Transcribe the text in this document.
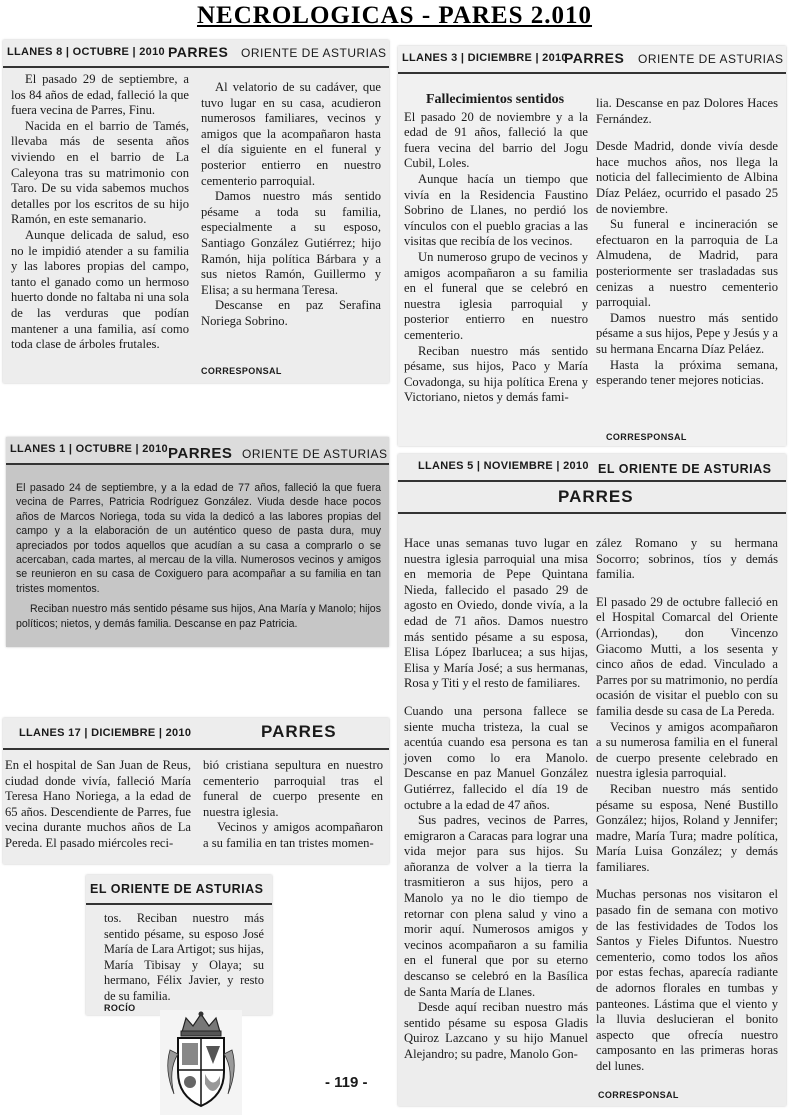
NECROLOGICAS - PARES 2.010
LLANES 8 | OCTUBRE | 2010 PARRES ORIENTE DE ASTURIAS

El pasado 29 de septiembre, a los 84 años de edad, falleció la que fuera vecina de Parres, Finu.

Nacida en el barrio de Tamés, llevaba más de sesenta años viviendo en el barrio de La Caleyona tras su matrimonio con Taro. De su vida sabemos muchos detalles por los escritos de su hijo Ramón, en este semanario.

Aunque delicada de salud, eso no le impidió atender a su familia y las labores propias del campo, tanto el ganado como un hermoso huerto donde no faltaba ni una sola de las verduras que podían mantener a una familia, así como toda clase de árboles frutales.

Al velatorio de su cadáver, que tuvo lugar en su casa, acudieron numerosos familiares, vecinos y amigos que la acompañaron hasta el día siguiente en el funeral y posterior entierro en nuestro cementerio parroquial.

Damos nuestro más sentido pésame a toda su familia, especialmente a su esposo, Santiago González Gutiérrez; hijo Ramón, hija política Bárbara y a sus nietos Ramón, Guillermo y Elisa; a su hermana Teresa.

Descanse en paz Serafina Noriega Sobrino.

CORRESPONSAL
LLANES 3 | DICIEMBRE | 2010
PARRES ORIENTE DE ASTURIAS

Fallecimientos sentidos

El pasado 20 de noviembre y a la edad de 91 años, falleció la que fuera vecina del barrio del Jogu Cubil, Loles.

Aunque hacía un tiempo que vivía en la Residencia Faustino Sobrino de Llanes, no perdió los vínculos con el pueblo gracias a las visitas que recibía de los vecinos.

Un numeroso grupo de vecinos y amigos acompañaron a su familia en el funeral que se celebró en nuestra iglesia parroquial y posterior entierro en nuestro cementerio.

Reciban nuestro más sentido pésame, sus hijos, Paco y María Covadonga, su hija política Erena y Victoriano, nietos y demás fami-

lia. Descanse en paz Dolores Haces Fernández.

Desde Madrid, donde vivía desde hace muchos años, nos llega la noticia del fallecimiento de Albina Díaz Peláez, ocurrido el pasado 25 de noviembre.

Su funeral e incineración se efectuaron en la parroquia de La Almudena, de Madrid, para posteriormente ser trasladadas sus cenizas a nuestro cementerio parroquial.

Damos nuestro más sentido pésame a sus hijos, Pepe y Jesús y a su hermana Encarna Díaz Peláez.

Hasta la próxima semana, esperando tener mejores noticias.

CORRESPONSAL
LLANES 1 | OCTUBRE | 2010 PARRES ORIENTE DE ASTURIAS

El pasado 24 de septiembre, y a la edad de 77 años, falleció la que fuera vecina de Parres, Patricia Rodríguez González. Viuda desde hace pocos años de Marcos Noriega, toda su vida la dedicó a las labores propias del campo y a la elaboración de un auténtico queso de pasta dura, muy apreciados por todos aquellos que acudían a su casa a comprarlo o se acercaban, cada martes, al mercau de la villa. Numerosos vecinos y amigos se reunieron en su casa de Coxiguero para acompañar a su familia en tan tristes momentos.

Reciban nuestro más sentido pésame sus hijos, Ana María y Manolo; hijos políticos; nietos, y demás familia. Descanse en paz Patricia.

LLANES 5 | NOVIEMBRE | 2010 EL ORIENTE DE ASTURIAS
PARRES

Hace unas semanas tuvo lugar en nuestra iglesia parroquial una misa en memoria de Pepe Quintana Nieda, fallecido el pasado 29 de agosto en Oviedo, donde vivía, a la edad de 71 años. Damos nuestro más sentido pésame a su esposa, Elisa López Ibarluceа; a sus hijas, Elisa y María José; a sus hermanas, Rosa y Titi y el resto de familiares.

Cuando una persona fallece se siente mucha tristeza, la cual se acentúa cuando esa persona es tan joven como lo era Manolo. Descanse en paz Manuel González Gutiérrez, fallecido el día 19 de octubre a la edad de 47 años.

Sus padres, vecinos de Parres, emigraron a Caracas para lograr una vida mejor para sus hijos. Su añoranza de volver a la tierra la trasmitieron a sus hijos, pero a Manolo ya no le dio tiempo de retornar con plena salud y vino a morir aquí. Numerosos amigos y vecinos acompañaron a su familia en el funeral que por su eterno descanso se celebró en la Basílica de Santa María de Llanes.

Desde aquí reciban nuestro más sentido pésame su esposa Gladis Quiroz Lazcano y su hijo Manuel Alejandro; su padre, Manolo Gon-

zález Romano y su hermana Socorro; sobrinos, tíos y demás familia.

El pasado 29 de octubre falleció en el Hospital Comarcal del Oriente (Arriondas), don Vincenzo Giacomo Mutti, a los sesenta y cinco años de edad. Vinculado a Parres por su matrimonio, no perdía ocasión de visitar el pueblo con su familia desde su casa de La Pereda.

Vecinos y amigos acompañaron a su numerosa familia en el funeral de cuerpo presente celebrado en nuestra iglesia parroquial.

Reciban nuestro más sentido pésame su esposa, Nené Bustillo González; hijos, Roland y Jennifer; madre, María Tura; madre política, María Luisa González; y demás familiares.

Muchas personas nos visitaron el pasado fin de semana con motivo de las festividades de Todos los Santos y Fieles Difuntos. Nuestro cementerio, como todos los años por estas fechas, aparecía radiante de adornos florales en tumbas y panteones. Lástima que el viento y la lluvia deslucieran el bonito aspecto que ofrecía nuestro camposanto en las primeras horas del lunes.

CORRESPONSAL
LLANES 17 | DICIEMBRE | 2010	PARRES

En el hospital de San Juan de Reus, ciudad donde vivía, falleció María Teresa Hano Noriega, a la edad de 65 años. Descendiente de Parres, fue vecina durante muchos años de La Pereda. El pasado miércoles reci-

bió cristiana sepultura en nuestro cementerio parroquial tras el funeral de cuerpo presente en nuestra iglesia.

Vecinos y amigos acompañaron a su familia en tan tristes momen-

EL ORIENTE DE ASTURIAS

tos. Reciban nuestro más sentido pésame, su esposo José María de Lara Artigot; sus hijas, María Tibisay y Olaya; su hermano, Félix Javier, y resto de su familia.

ROCÍO
- 119 -
